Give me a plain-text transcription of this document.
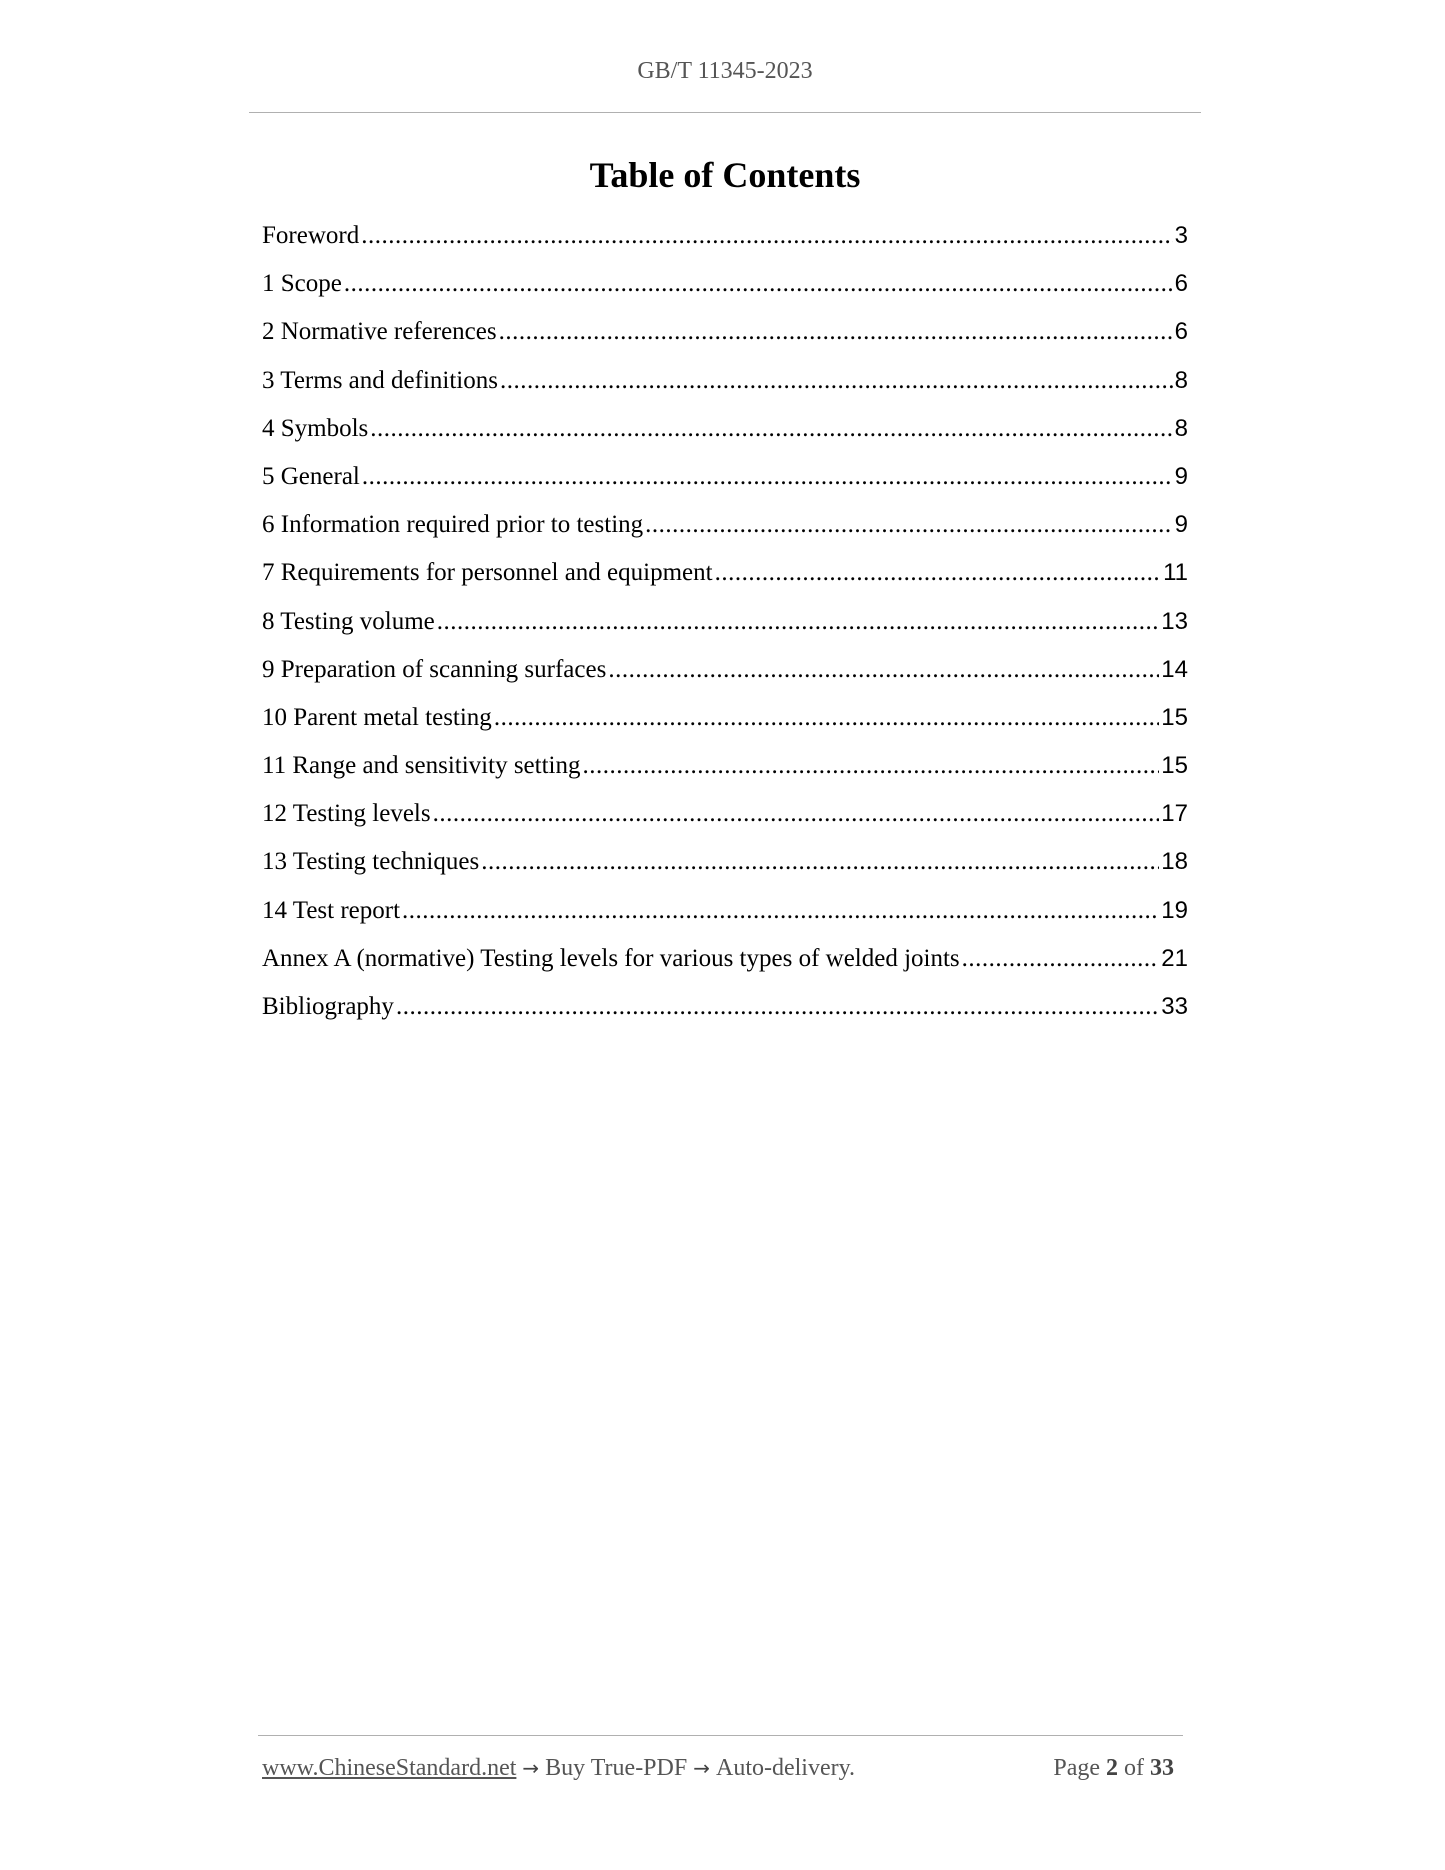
GB/T 11345-2023
Table of Contents
Foreword .....	3
1 Scope .....	6
2 Normative references .....	6
3 Terms and definitions .....	8
4 Symbols .....	8
5 General .....	9
6 Information required prior to testing .....	9
7 Requirements for personnel and equipment .....	11
8 Testing volume .....	13
9 Preparation of scanning surfaces .....	14
10 Parent metal testing .....	15
11 Range and sensitivity setting .....	15
12 Testing levels .....	17
13 Testing techniques .....	18
14 Test report .....	19
Annex A (normative) Testing levels for various types of welded joints .....	21
Bibliography .....	33
www.ChineseStandard.net → Buy True-PDF → Auto-delivery.	Page 2 of 33
